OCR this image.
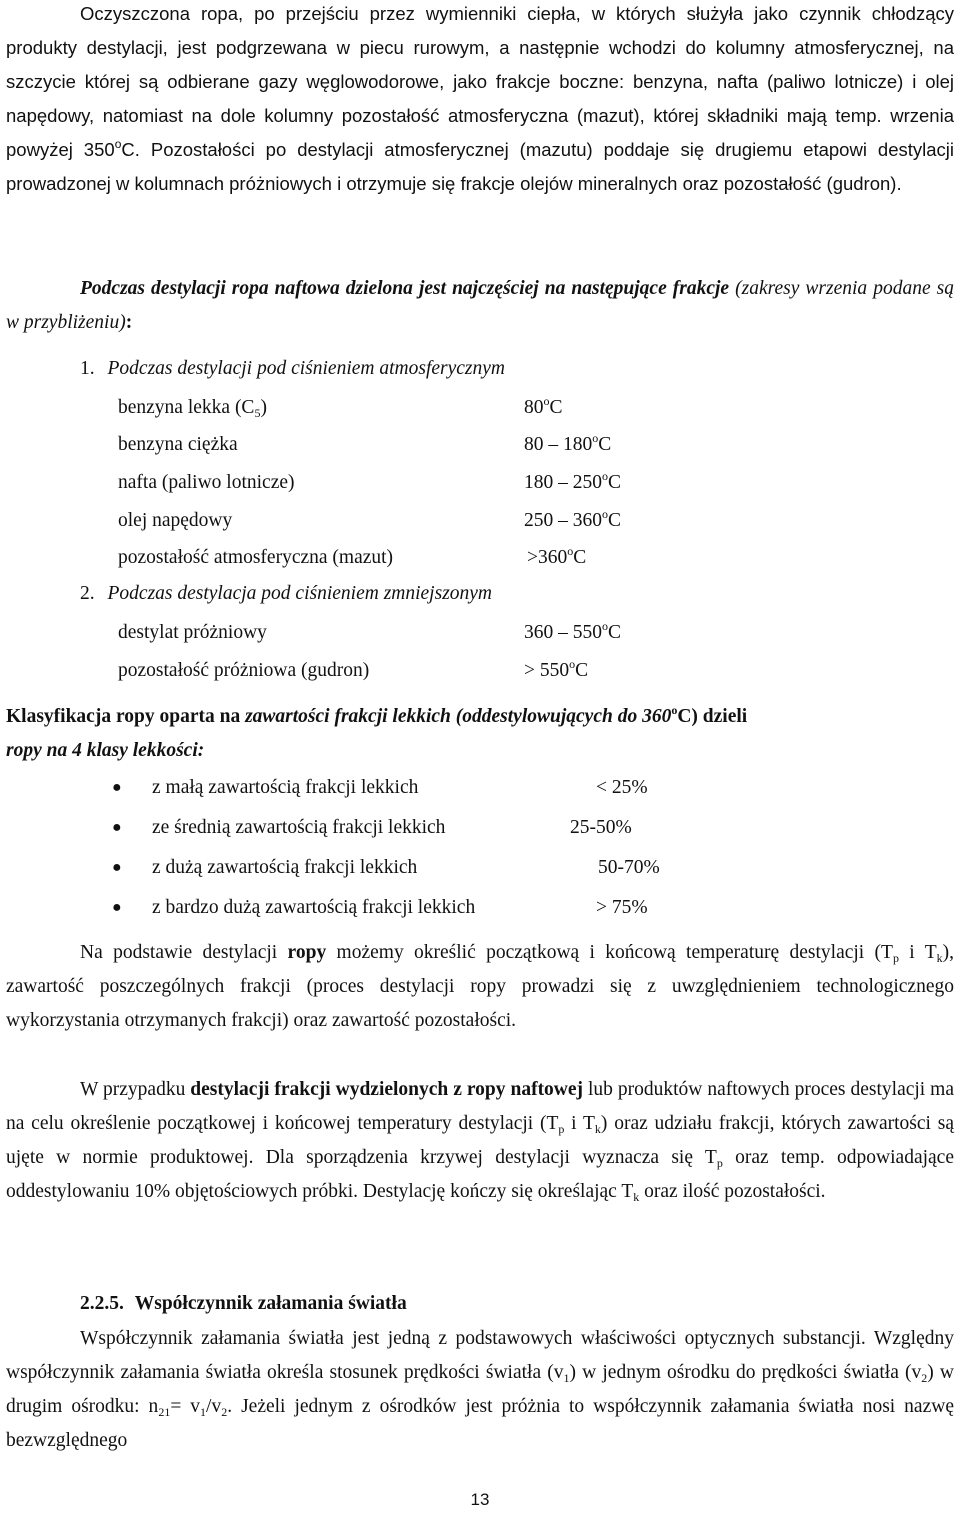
Oczyszczona ropa, po przejściu przez wymienniki ciepła, w których służyła jako czynnik chłodzący produkty destylacji, jest podgrzewana w piecu rurowym, a następnie wchodzi do kolumny atmosferycznej, na szczycie której są odbierane gazy węglowodorowe, jako frakcje boczne: benzyna, nafta (paliwo lotnicze) i olej napędowy, natomiast na dole kolumny pozostałość atmosferyczna (mazut), której składniki mają temp. wrzenia powyżej 350$^o$C. Pozostałości po destylacji atmosferycznej (mazutu) poddaje się drugiemu etapowi destylacji prowadzonej w kolumnach próżniowych i otrzymuje się frakcje olejów mineralnych oraz pozostałość (gudron).

Podczas destylacji ropa naftowa dzielona jest najczęściej na następujące frakcje (zakresy wrzenia podane są w przybliżeniu):

1. Podczas destylacji pod ciśnieniem atmosferycznym
benzyna lekka $(C_5)$	80$^o$C
benzyna ciężka	80 – 180$^o$C
nafta (paliwo lotnicze)	180 – 250$^o$C
olej napędowy	250 – 360$^o$C
pozostałość atmosferyczna (mazut)	$>360^oC$
2. Podczas destylacja pod ciśnieniem zmniejszonym
destylat próżniowy	360 – 550$^o$C
pozostałość próżniowa (gudron)	> $550^oC$

Klasyfikacja ropy oparta na zawartości frakcji lekkich (oddestylowujących do 360$^o$C) dzieli
ropy na 4 klasy lekkości:

● z małą zawartością frakcji lekkich	< 25%
● ze średnią zawartością frakcji lekkich	25-50%
● z dużą zawartością frakcji lekkich	50-70%
● z bardzo dużą zawartością frakcji lekkich	> 75%

Na podstawie destylacji ropy możemy określić początkową i końcową temperaturę destylacji ($T_p$ i $T_k$), zawartość poszczególnych frakcji (proces destylacji ropy prowadzi się z uwzględnieniem technologicznego wykorzystania otrzymanych frakcji) oraz zawartość pozostałości.

W przypadku destylacji frakcji wydzielonych z ropy naftowej lub produktów naftowych proces destylacji ma na celu określenie początkowej i końcowej temperatury destylacji ($T_p$ i $T_k$) oraz udziału frakcji, których zawartości są ujęte w normie produktowej. Dla sporządzenia krzywej destylacji wyznacza się $T_p$ oraz temp. odpowiadające oddestylowaniu 10% objętościowych próbki. Destylację kończy się określając $T_k$ oraz ilość pozostałości.

2.2.5. Współczynnik załamania światła

Współczynnik załamania światła jest jedną z podstawowych właściwości optycznych substancji. Względny współczynnik załamania światła określa stosunek prędkości światła $(v_1)$ w jednym ośrodku do prędkości światła $(v_2)$ w drugim ośrodku: $n_{21}= v_1/v_2$. Jeżeli jednym z ośrodków jest próżnia to współczynnik załamania światła nosi nazwę bezwzględnego

13
